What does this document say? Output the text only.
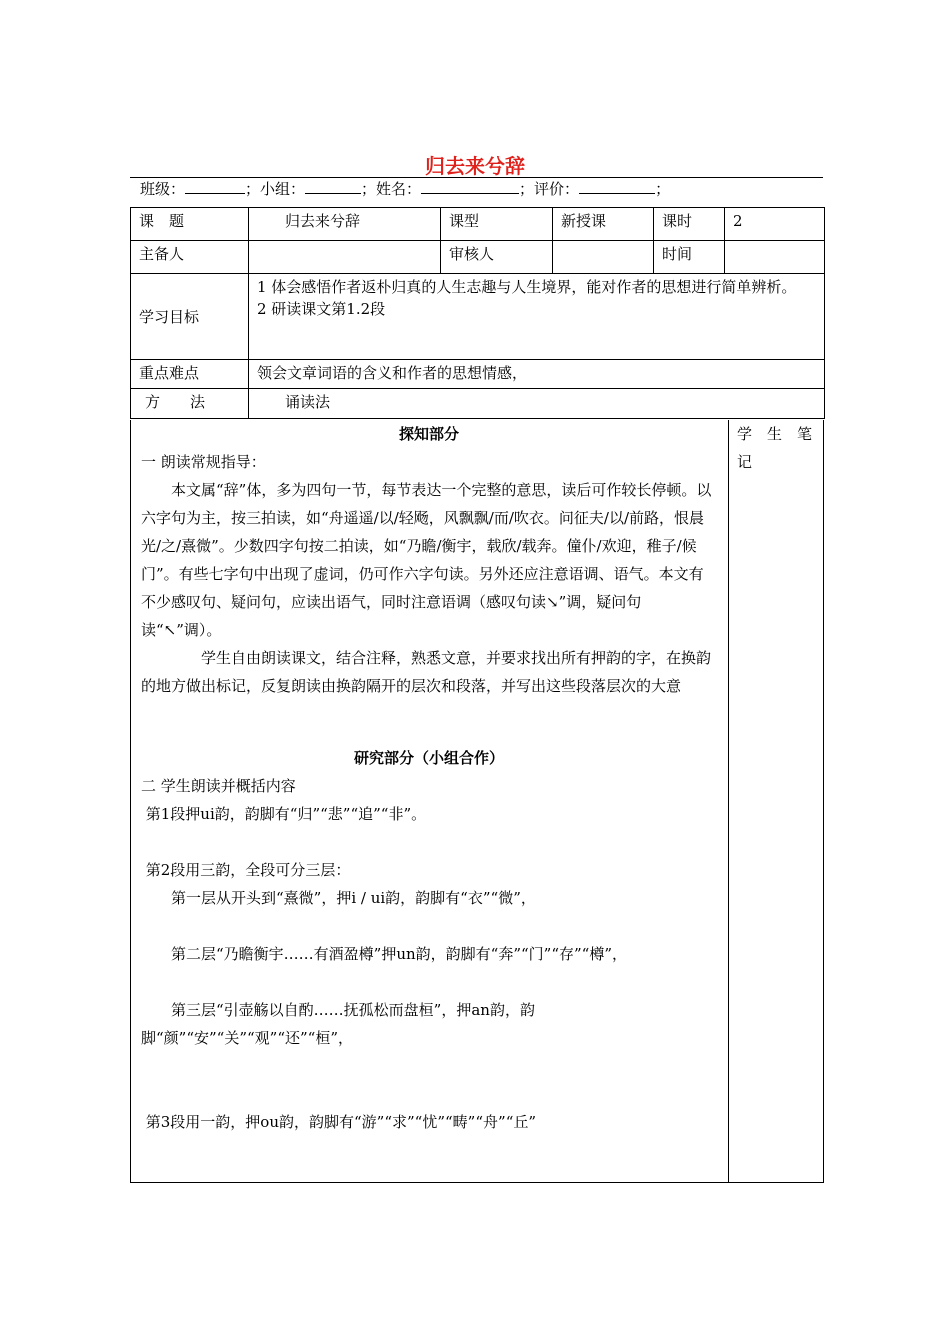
归去来兮辞
班级：	；小组：	；姓名：	；评价：	；
课　题	归去来兮辞	课型	新授课	课时	2
主备人		审核人		时间	
学习目标	1 体会感悟作者返朴归真的人生志趣与人生境界，能对作者的思想进行简单辨析。

2 研读课文第1.2段				

重点难点	领会文章词语的含义和作者的思想情感，				
方　　法	诵读法				
学　生　笔　记

探知部分

一 朗读常规指导：

本文属“辞”体，多为四句一节，每节表达一个完整的意思，读后可作较长停顿。以六字句为主，按三拍读，如“舟遥遥/以/轻飏，风飘飘/而/吹衣。问征夫/以/前路，恨晨光/之/熹微”。少数四字句按二拍读，如“乃瞻/衡宇，载欣/载奔。僮仆/欢迎，稚子/候门”。有些七字句中出现了虚词，仍可作六字句读。另外还应注意语调、语气。本文有不少感叹句、疑问句，应读出语气，同时注意语调（感叹句读↘”调，疑问句读“↖”调）。

学生自由朗读课文，结合注释，熟悉文意，并要求找出所有押韵的字，在换韵的地方做出标记，反复朗读由换韵隔开的层次和段落，并写出这些段落层次的大意

研究部分（小组合作）

二 学生朗读并概括内容

第1段押ui韵，韵脚有“归”“悲”“追”“非”。

第2段用三韵，全段可分三层：

第一层从开头到“熹微”，押i / ui韵，韵脚有“衣”“微”，

第二层“乃瞻衡宇……有酒盈樽”押un韵，韵脚有“奔”“门”“存”“樽”，

第三层“引壶觞以自酌……抚孤松而盘桓”，押an韵，韵脚“颜”“安”“关”“观”“还”“桓”，

第3段用一韵，押ou韵，韵脚有“游”“求”“忧”“畴”“舟”“丘”
